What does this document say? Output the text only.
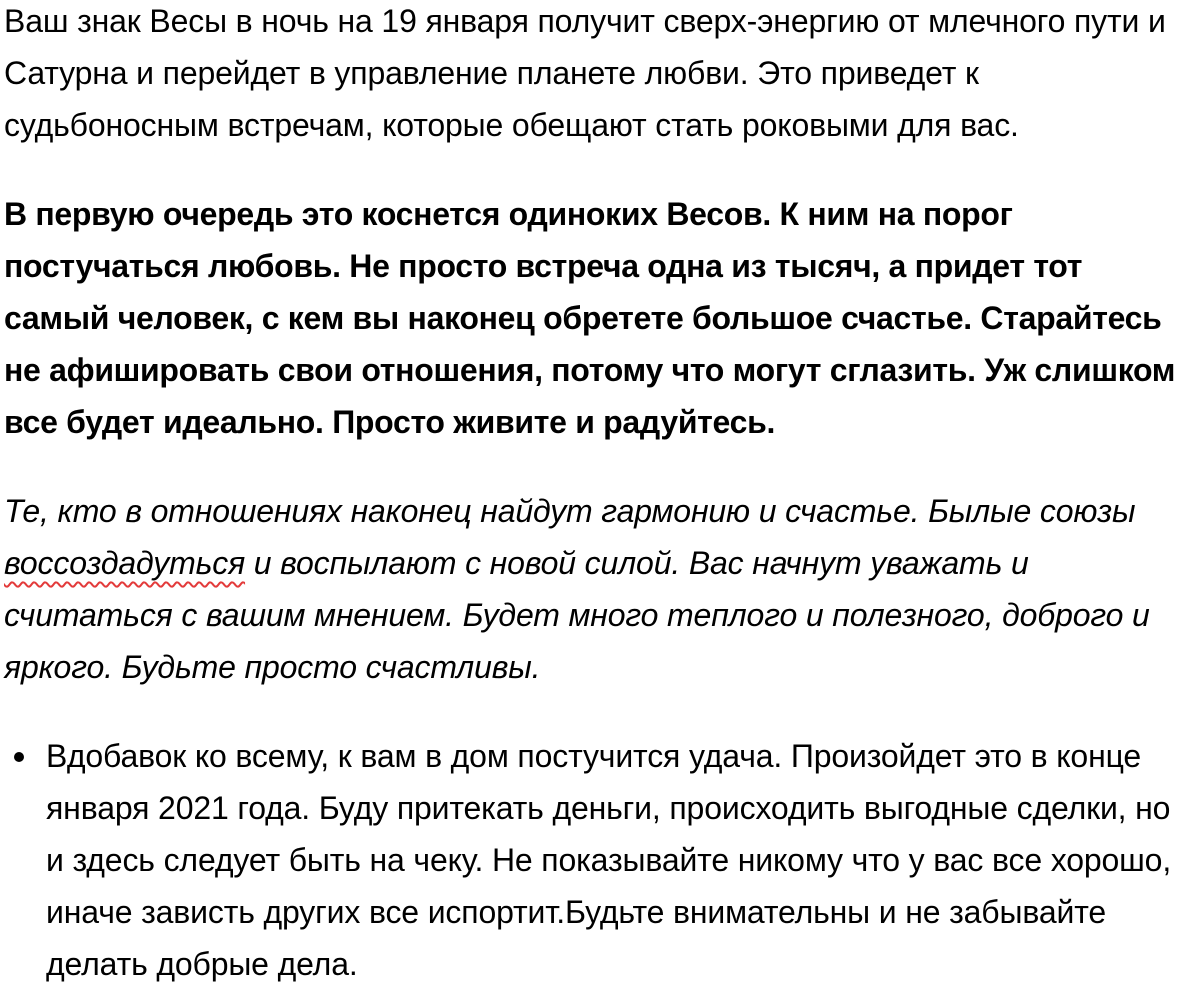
Ваш знак Весы в ночь на 19 января получит сверх-энергию от млечного пути и Сатурна и перейдет в управление планете любви. Это приведет к судьбоносным встречам, которые обещают стать роковыми для вас.

В первую очередь это коснется одиноких Весов. К ним на порог постучаться любовь. Не просто встреча одна из тысяч, а придет тот самый человек, с кем вы наконец обретете большое счастье. Старайтесь не афишировать свои отношения, потому что могут сглазить. Уж слишком все будет идеально. Просто живите и радуйтесь.

Те, кто в отношениях наконец найдут гармонию и счастье. Былые союзы воссоздадуться и воспылают с новой силой. Вас начнут уважать и считаться с вашим мнением. Будет много теплого и полезного, доброго и яркого. Будьте просто счастливы.

Вдобавок ко всему, к вам в дом постучится удача. Произойдет это в конце января 2021 года. Буду притекать деньги, происходить выгодные сделки, но и здесь следует быть на чеку. Не показывайте никому что у вас все хорошо, иначе зависть других все испортит.Будьте внимательны и не забывайте делать добрые дела.
